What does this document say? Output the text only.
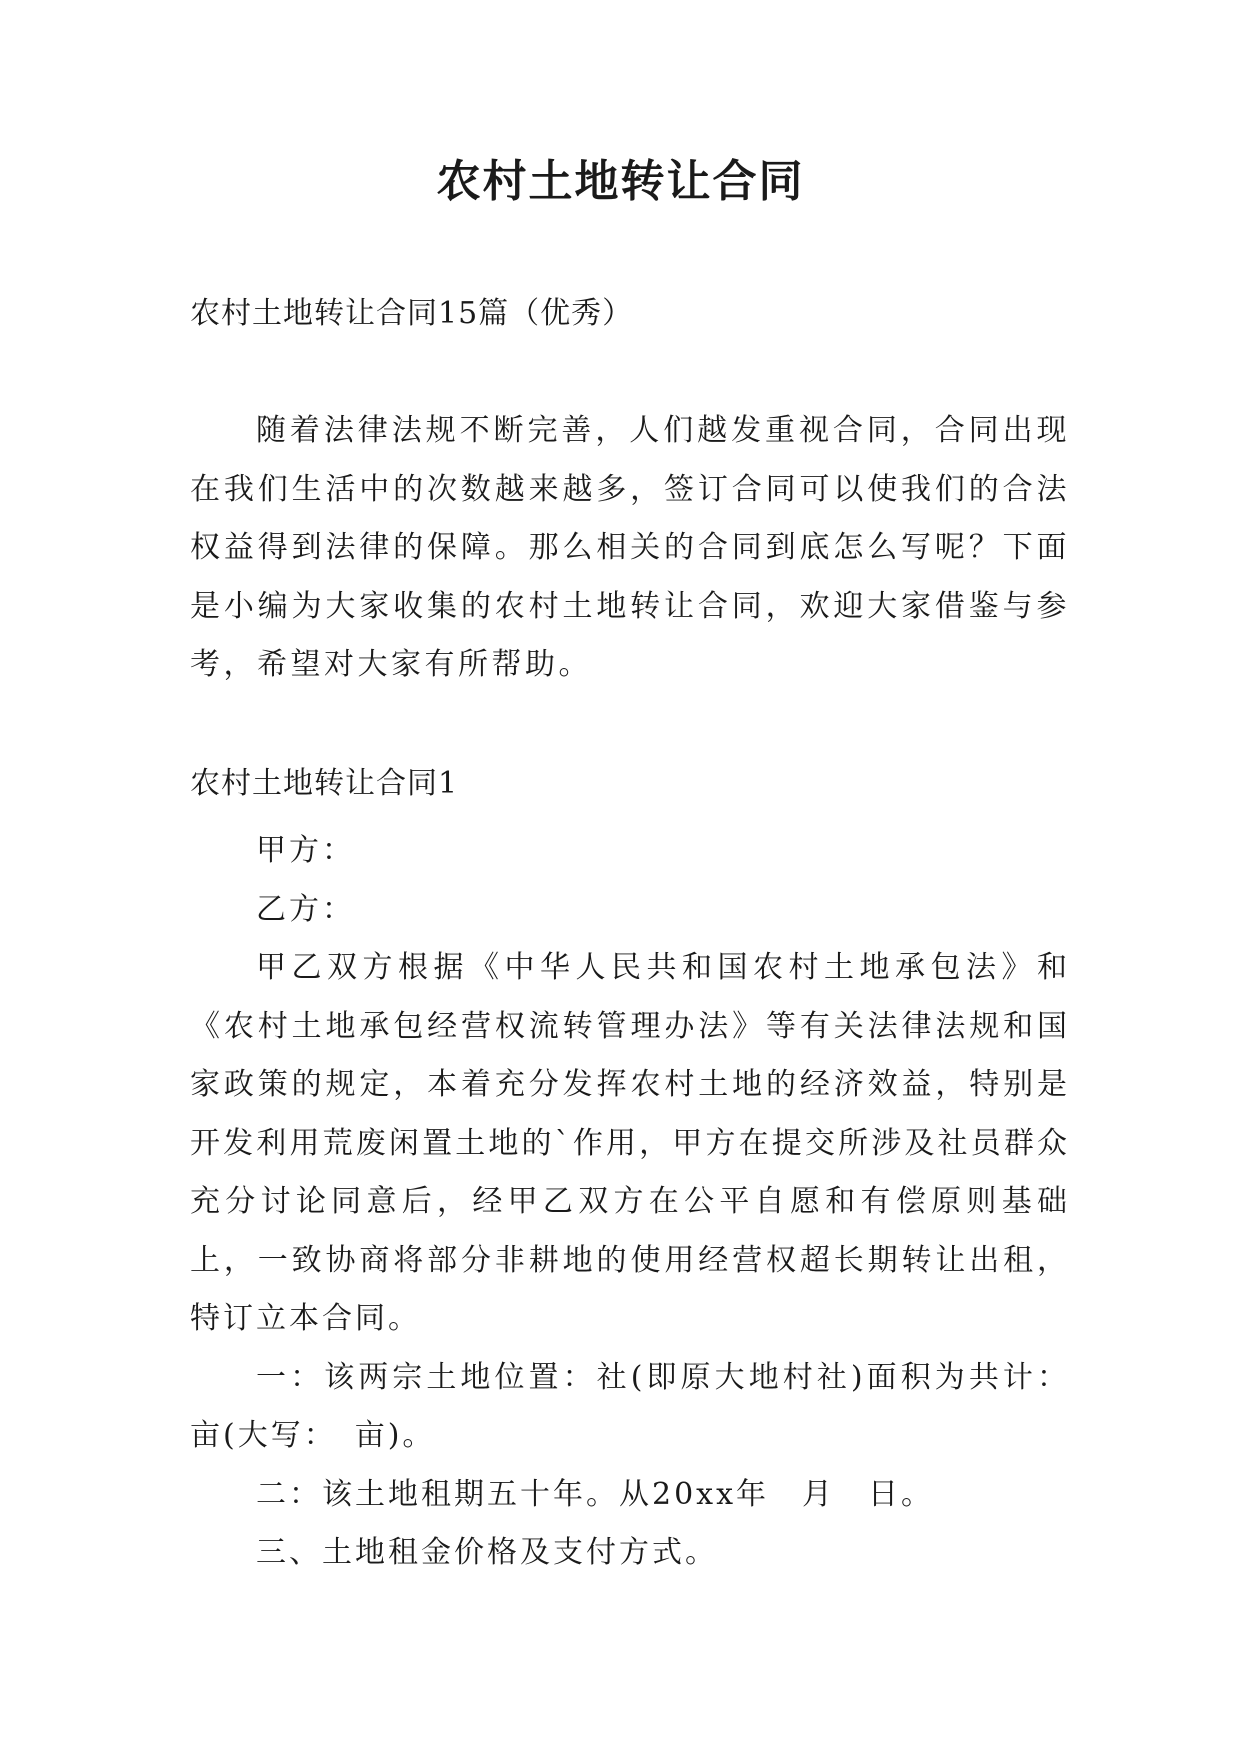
农村土地转让合同

农村土地转让合同15篇（优秀）

随着法律法规不断完善，人们越发重视合同，合同出现在我们生活中的次数越来越多，签订合同可以使我们的合法权益得到法律的保障。那么相关的合同到底怎么写呢？下面是小编为大家收集的农村土地转让合同，欢迎大家借鉴与参考，希望对大家有所帮助。

农村土地转让合同1

甲方：

乙方：

甲乙双方根据《中华人民共和国农村土地承包法》和《农村土地承包经营权流转管理办法》等有关法律法规和国家政策的规定，本着充分发挥农村土地的经济效益，特别是开发利用荒废闲置土地的`作用，甲方在提交所涉及社员群众充分讨论同意后，经甲乙双方在公平自愿和有偿原则基础上，一致协商将部分非耕地的使用经营权超长期转让出租，特订立本合同。

一：该两宗土地位置：社(即原大地村社)面积为共计：亩(大写：　亩)。

二：该土地租期五十年。从20xx年　月　日。

三、土地租金价格及支付方式。
